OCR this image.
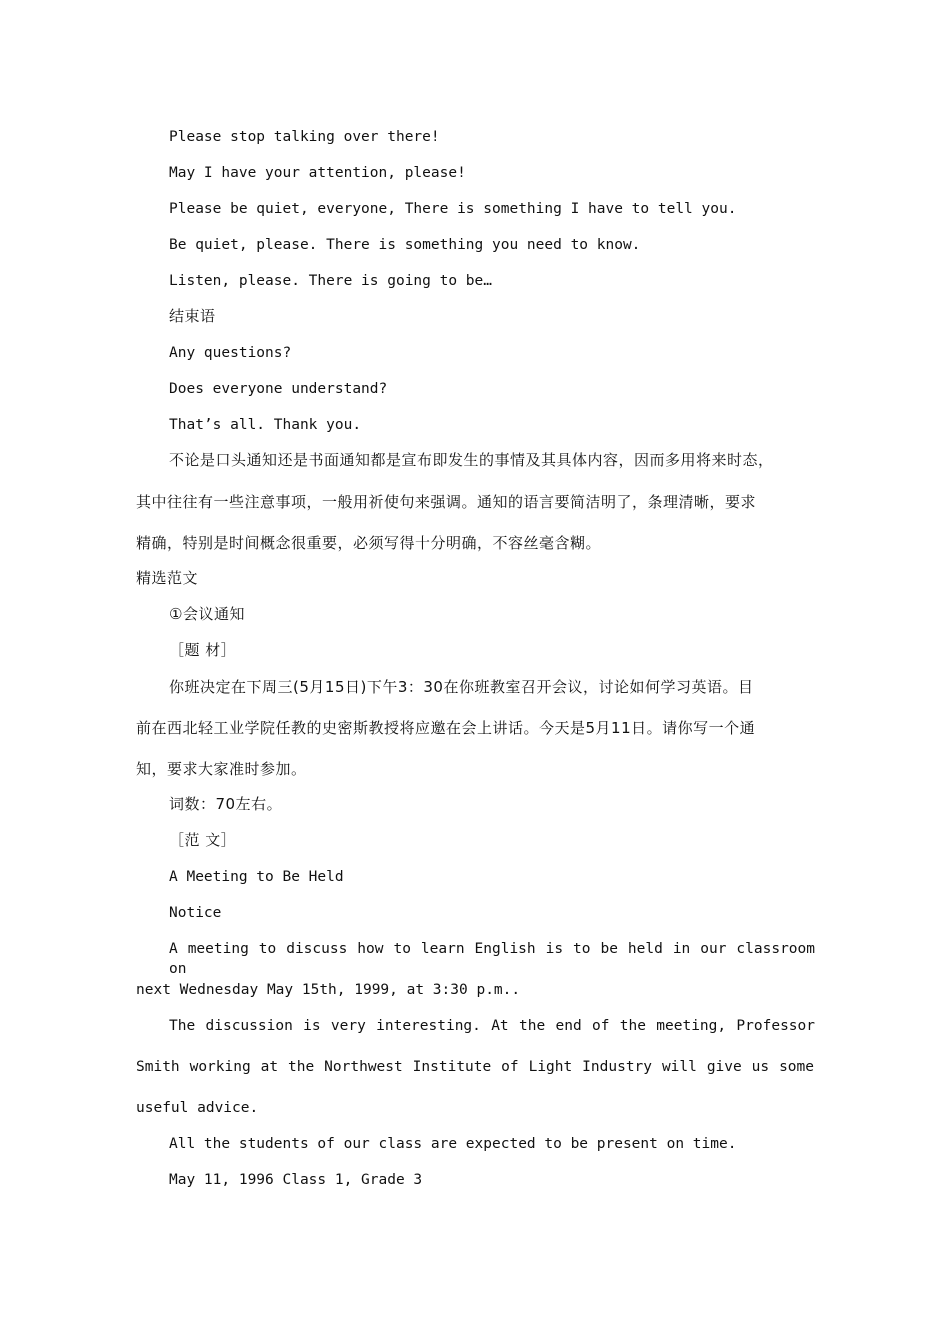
Please stop talking over there!
May I have your attention, please!
Please be quiet, everyone, There is something I have to tell you.
Be quiet, please. There is something you need to know.
Listen, please. There is going to be…
结束语
Any questions?
Does everyone understand?
That’s all. Thank you.
不论是口头通知还是书面通知都是宣布即发生的事情及其具体内容，因而多用将来时态，
其中往往有一些注意事项，一般用祈使句来强调。通知的语言要简洁明了，条理清晰，要求
精确，特别是时间概念很重要，必须写得十分明确，不容丝毫含糊。
精选范文
①会议通知
［题 材］
你班决定在下周三(5月15日)下午3：30在你班教室召开会议，讨论如何学习英语。目
前在西北轻工业学院任教的史密斯教授将应邀在会上讲话。今天是5月11日。请你写一个通
知，要求大家准时参加。
词数：70左右。
［范 文］
A Meeting to Be Held
Notice
A meeting to discuss how to learn English is to be held in our classroom on
next Wednesday May 15th, 1999, at 3:30 p.m..
The discussion is very interesting. At the end of the meeting, Professor
Smith working at the Northwest Institute of Light Industry will give us some
useful advice.
All the students of our class are expected to be present on time.
May 11, 1996 Class 1, Grade 3
